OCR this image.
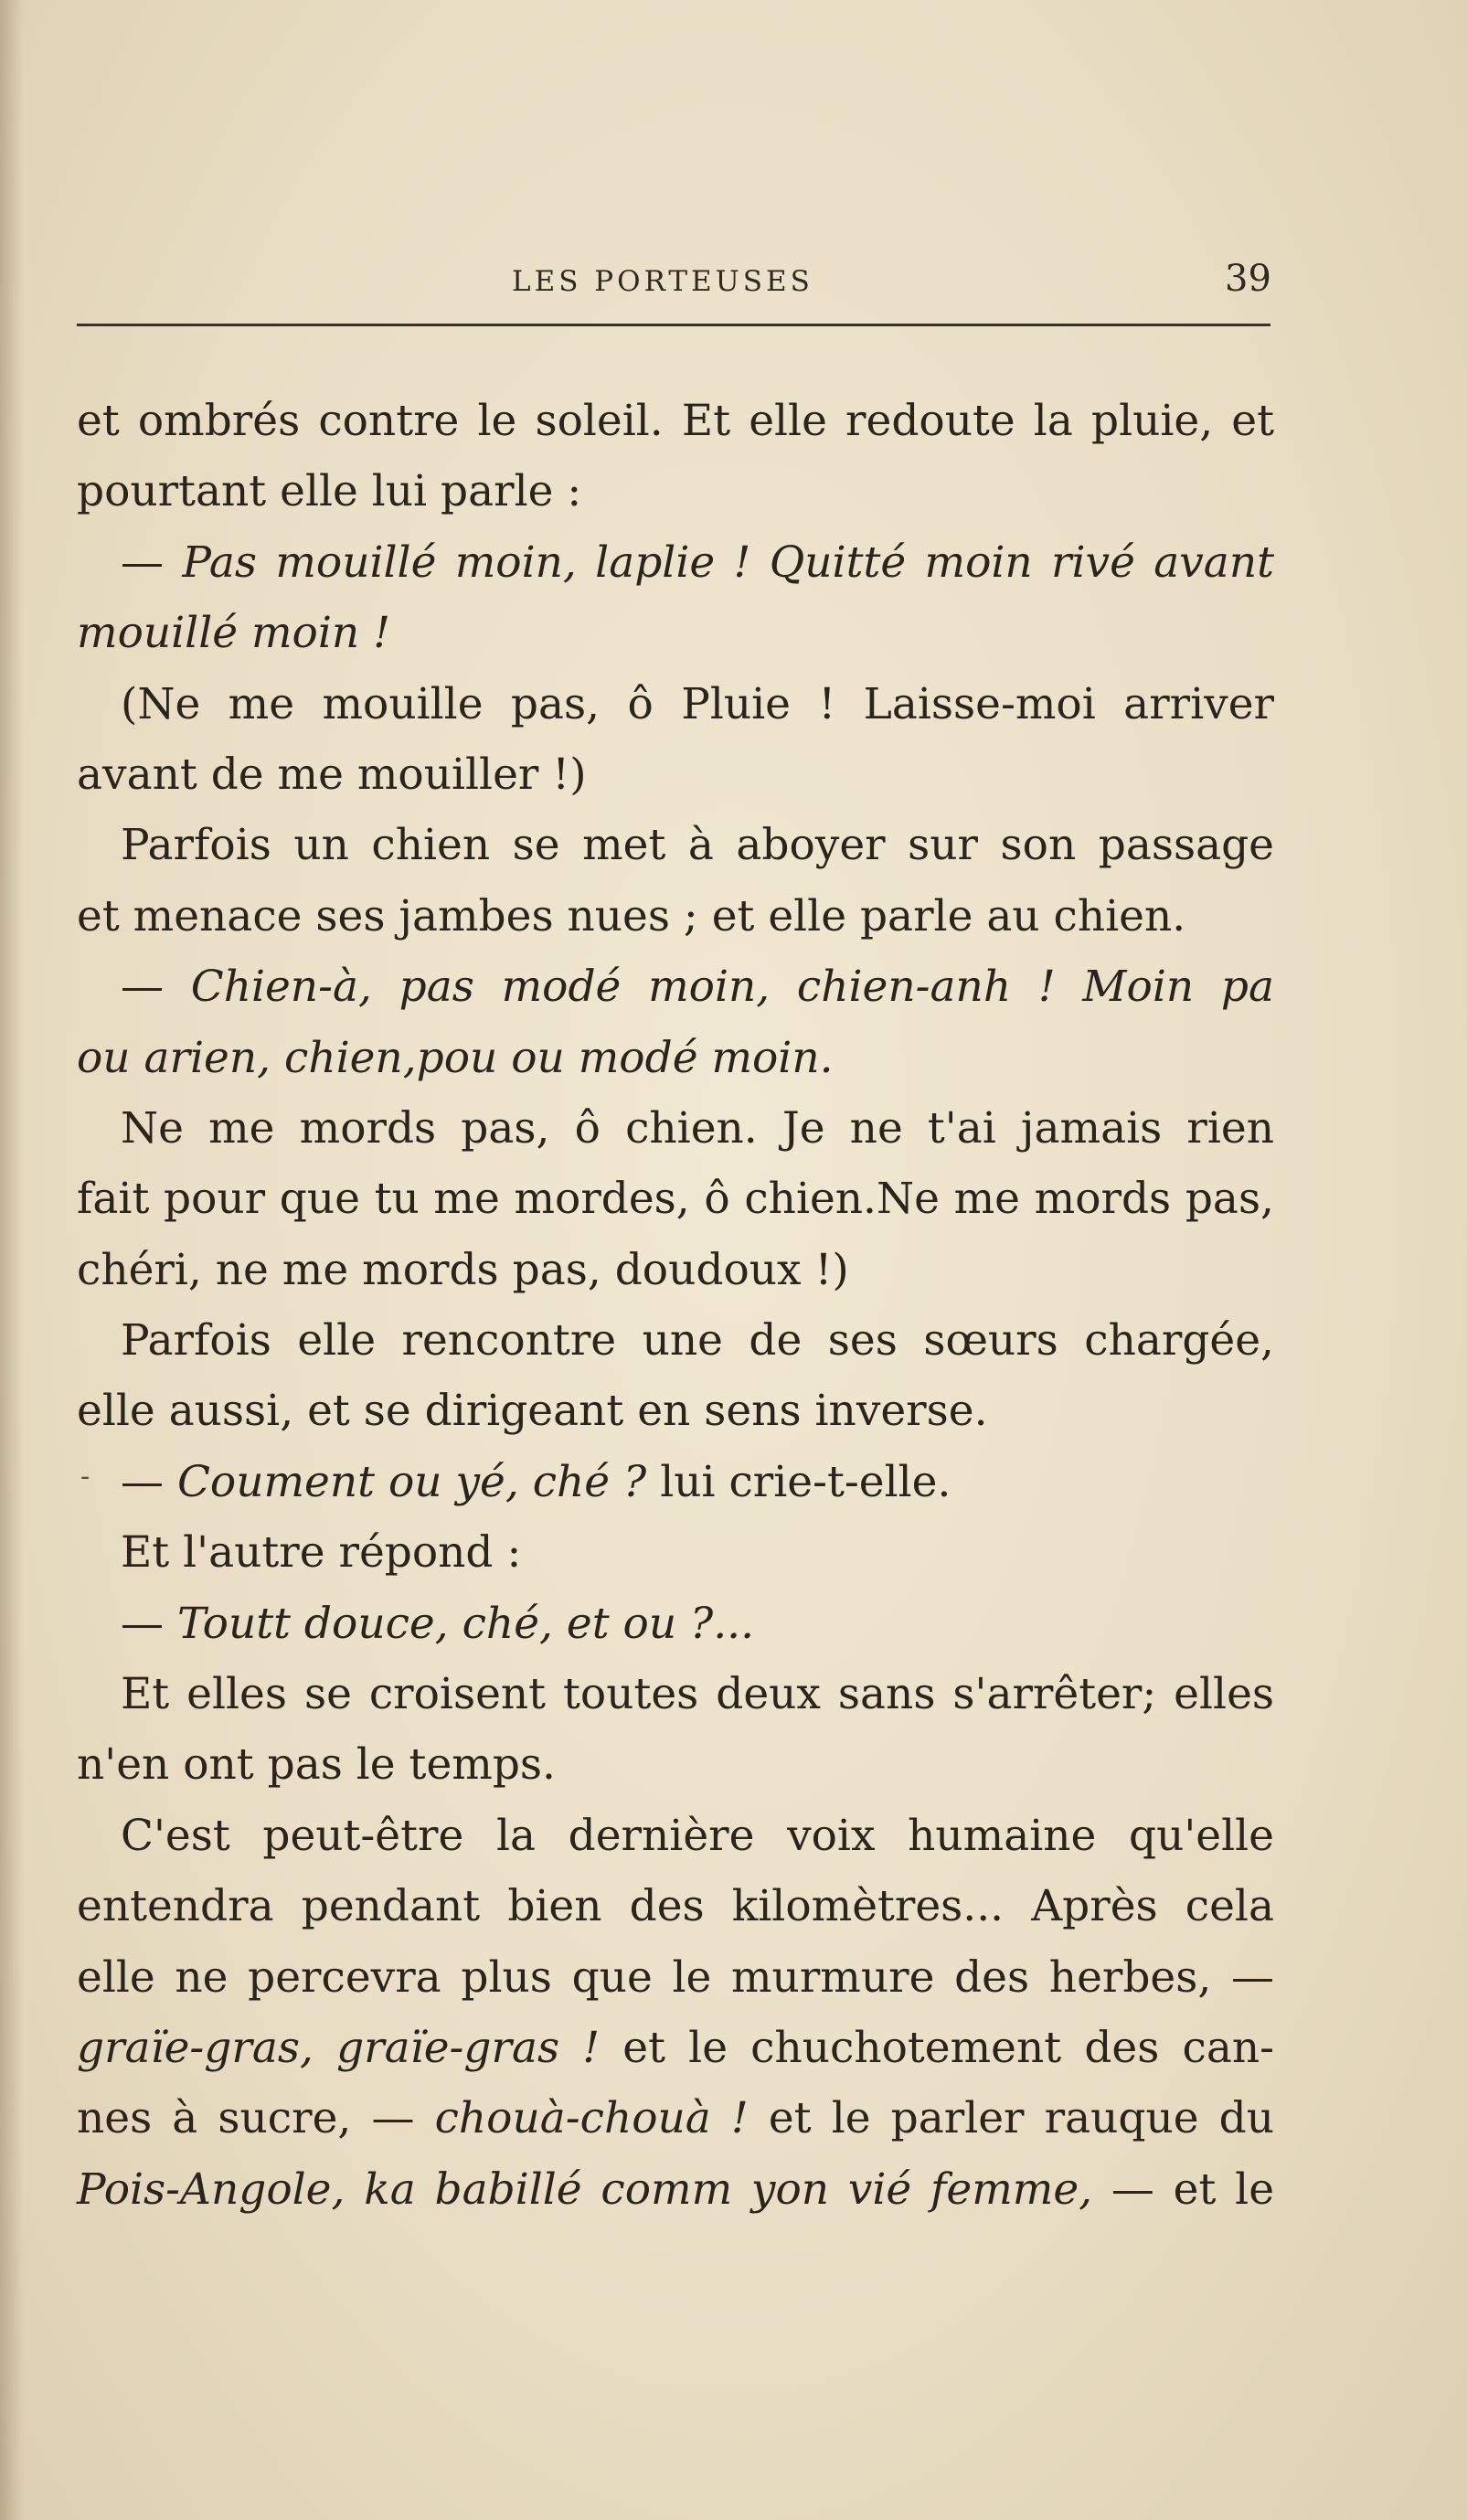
LES PORTEUSES	39
-
et ombrés contre le soleil. Et elle redoute la pluie, et
pourtant elle lui parle :
— Pas mouillé moin, laplie ! Quitté moin rivé avant
mouillé moin !
(Ne me mouille pas, ô Pluie ! Laisse-moi arriver
avant de me mouiller !)
Parfois un chien se met à aboyer sur son passage
et menace ses jambes nues ; et elle parle au chien.
— Chien-à, pas modé moin, chien-anh ! Moin pa
ou arien, chien,pou ou modé moin.
Ne me mords pas, ô chien. Je ne t'ai jamais rien
fait pour que tu me mordes, ô chien.Ne me mords pas,
chéri, ne me mords pas, doudoux !)
Parfois elle rencontre une de ses sœurs chargée,
elle aussi, et se dirigeant en sens inverse.
— Coument ou yé, ché ? lui crie-t-elle.
Et l'autre répond :
— Toutt douce, ché, et ou ?...
Et elles se croisent toutes deux sans s'arrêter; elles
n'en ont pas le temps.
C'est peut-être la dernière voix humaine qu'elle
entendra pendant bien des kilomètres... Après cela
elle ne percevra plus que le murmure des herbes, —
graïe-gras, graïe-gras ! et le chuchotement des can-
nes à sucre, — chouà-chouà ! et le parler rauque du
Pois-Angole, ka babillé comm yon vié femme, — et le
